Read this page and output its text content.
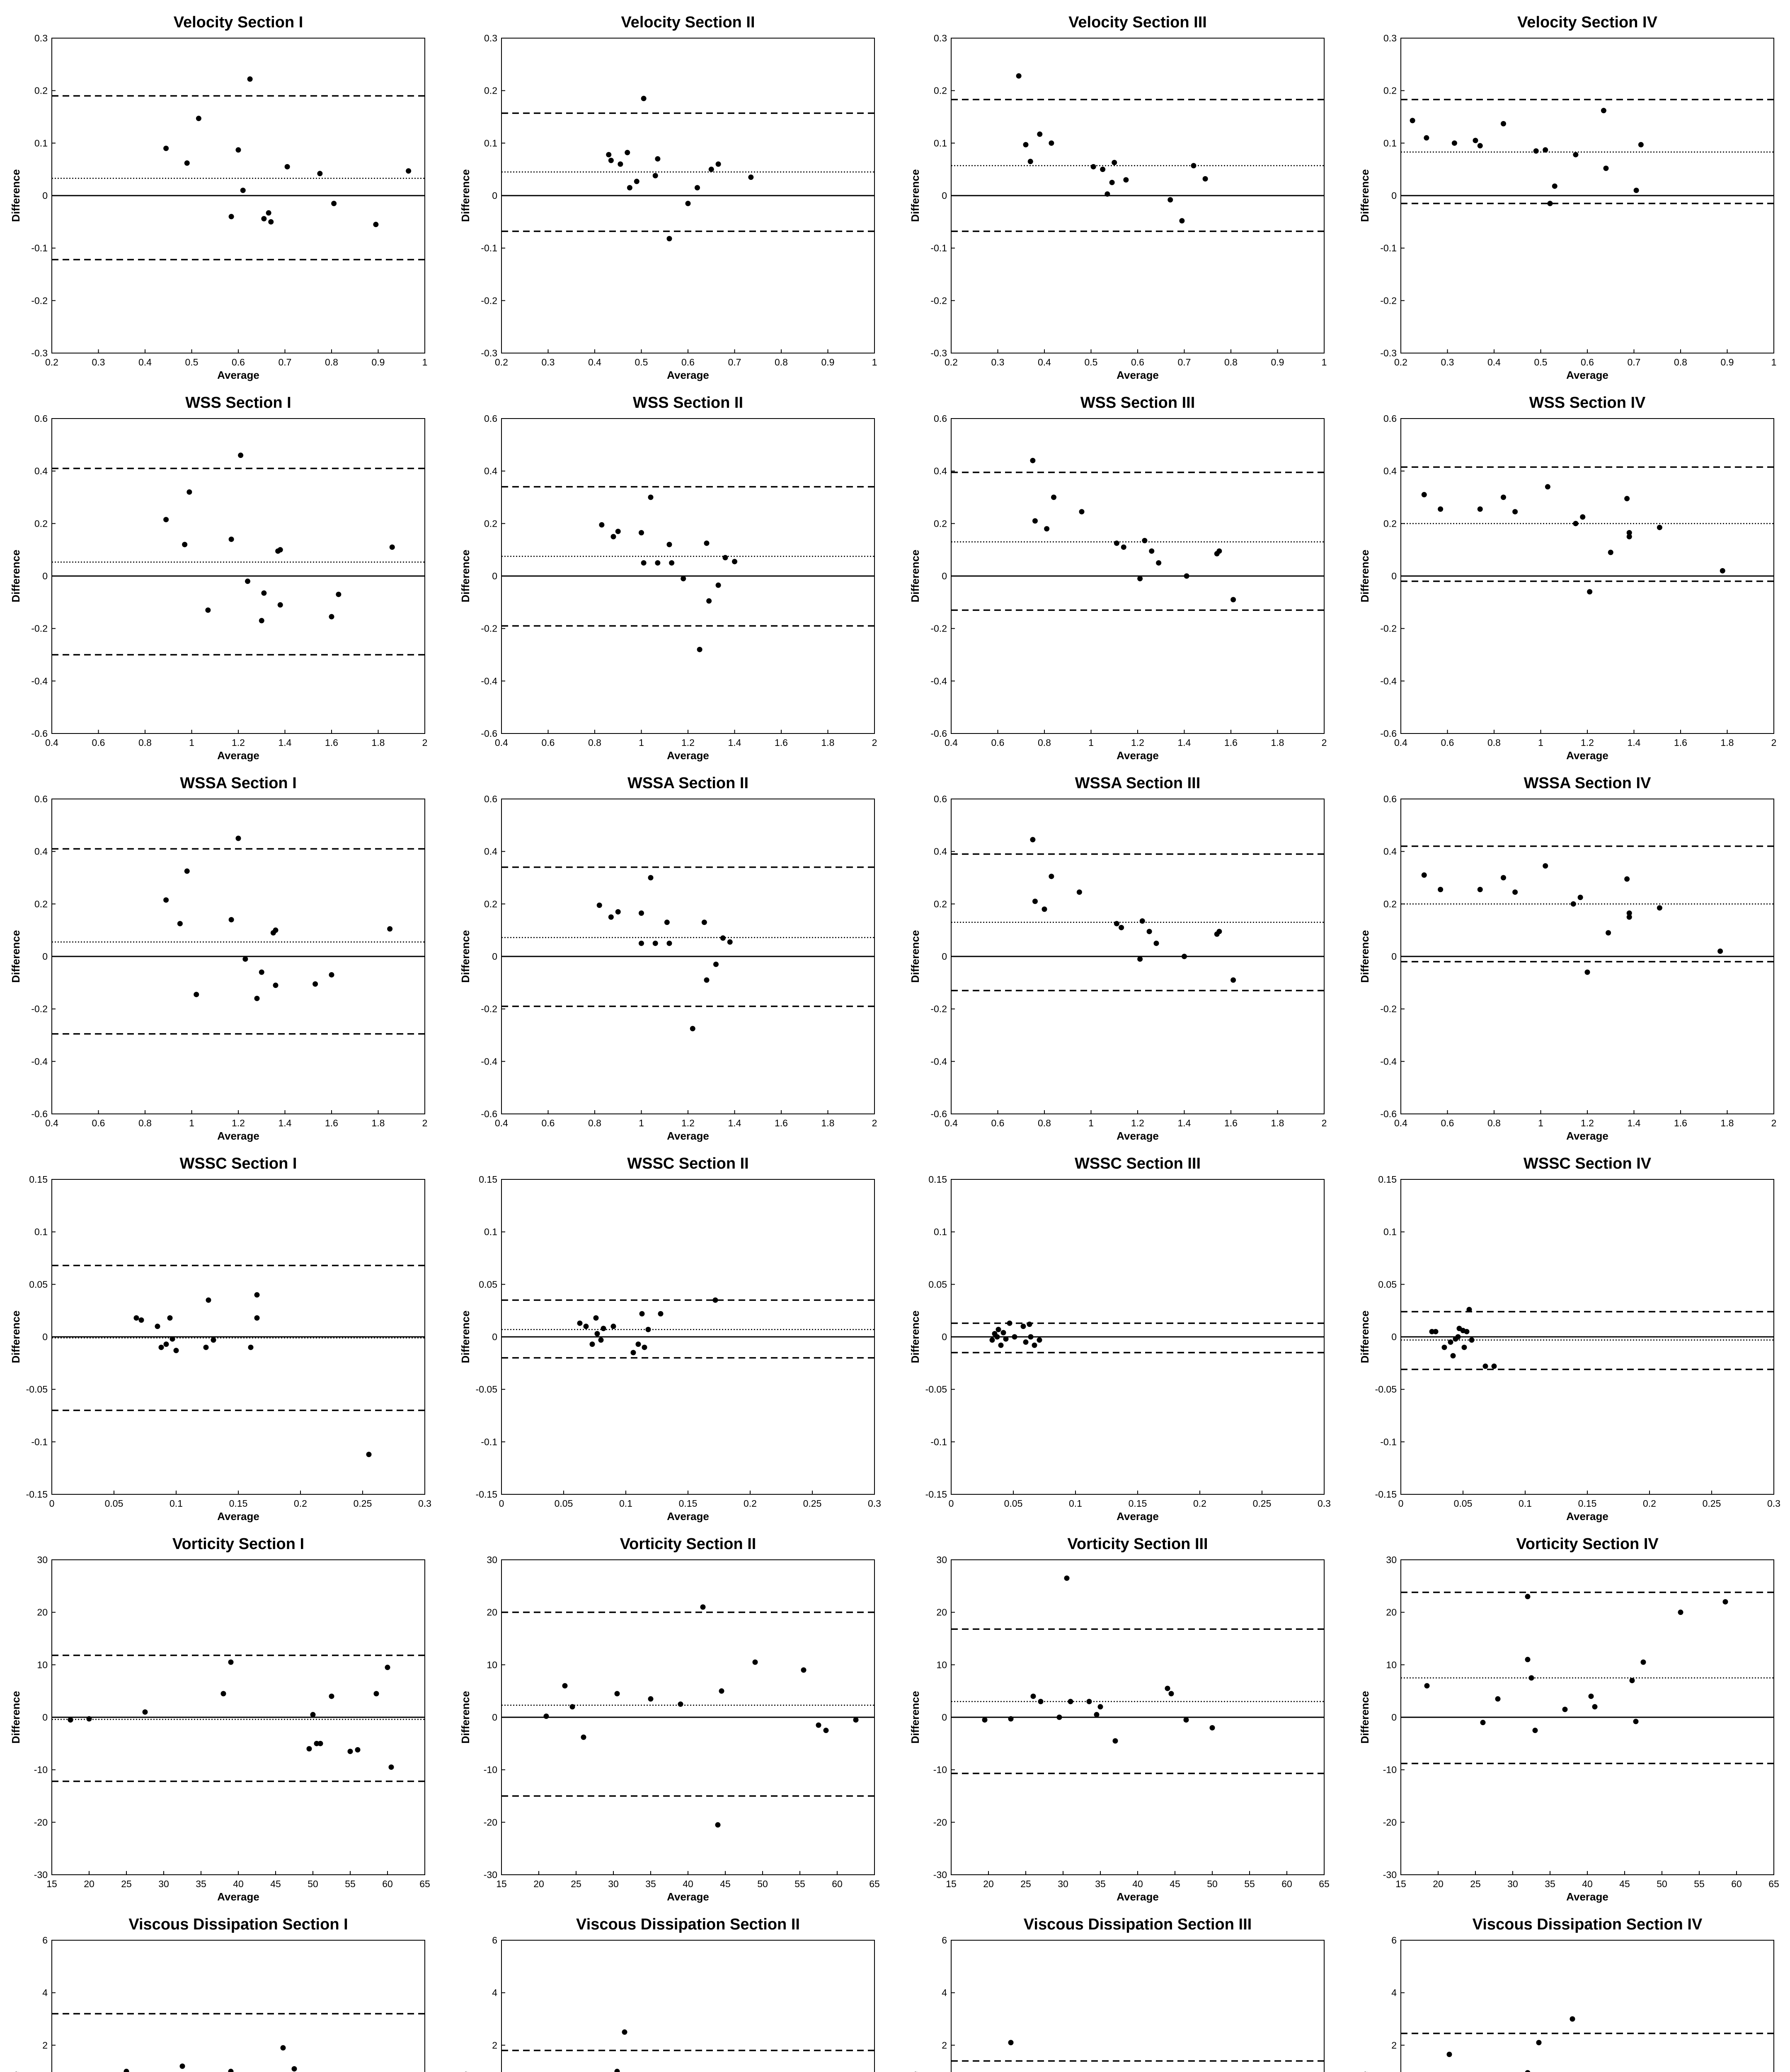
Velocity Section I
0.2	0.3	0.4	0.5	0.6	0.7	0.8	0.9	1
-0.3
-0.2
-0.1
0
0.1
0.2
0.3
Average
Difference
Velocity Section II
0.2	0.3	0.4	0.5	0.6	0.7	0.8	0.9	1
-0.3
-0.2
-0.1
0
0.1
0.2
0.3
Average
Difference
Velocity Section III
0.2	0.3	0.4	0.5	0.6	0.7	0.8	0.9	1
-0.3
-0.2
-0.1
0
0.1
0.2
0.3
Average
Difference
Velocity Section IV
0.2	0.3	0.4	0.5	0.6	0.7	0.8	0.9	1
-0.3
-0.2
-0.1
0
0.1
0.2
0.3
Average
Difference
WSS Section I
0.4	0.6	0.8	1	1.2	1.4	1.6	1.8	2
-0.6
-0.4
-0.2
0
0.2
0.4
0.6
Average
Difference
WSS Section II
0.4	0.6	0.8	1	1.2	1.4	1.6	1.8	2
-0.6
-0.4
-0.2
0
0.2
0.4
0.6
Average
Difference
WSS Section III
0.4	0.6	0.8	1	1.2	1.4	1.6	1.8	2
-0.6
-0.4
-0.2
0
0.2
0.4
0.6
Average
Difference
WSS Section IV
0.4	0.6	0.8	1	1.2	1.4	1.6	1.8	2
-0.6
-0.4
-0.2
0
0.2
0.4
0.6
Average
Difference
WSSA Section I
0.4	0.6	0.8	1	1.2	1.4	1.6	1.8	2
-0.6
-0.4
-0.2
0
0.2
0.4
0.6
Average
Difference
WSSA Section II
0.4	0.6	0.8	1	1.2	1.4	1.6	1.8	2
-0.6
-0.4
-0.2
0
0.2
0.4
0.6
Average
Difference
WSSA Section III
0.4	0.6	0.8	1	1.2	1.4	1.6	1.8	2
-0.6
-0.4
-0.2
0
0.2
0.4
0.6
Average
Difference
WSSA Section IV
0.4	0.6	0.8	1	1.2	1.4	1.6	1.8	2
-0.6
-0.4
-0.2
0
0.2
0.4
0.6
Average
Difference
WSSC Section I
0	0.05	0.1	0.15	0.2	0.25	0.3
-0.15
-0.1
-0.05
0
0.05
0.1
0.15
Average
Difference
WSSC Section II
0	0.05	0.1	0.15	0.2	0.25	0.3
-0.15
-0.1
-0.05
0
0.05
0.1
0.15
Average
Difference
WSSC Section III
0	0.05	0.1	0.15	0.2	0.25	0.3
-0.15
-0.1
-0.05
0
0.05
0.1
0.15
Average
Difference
WSSC Section IV
0	0.05	0.1	0.15	0.2	0.25	0.3
-0.15
-0.1
-0.05
0
0.05
0.1
0.15
Average
Difference
Vorticity Section I
15	20	25	30	35	40	45	50	55	60	65
-30
-20
-10
0
10
20
30
Average
Difference
Vorticity Section II
15	20	25	30	35	40	45	50	55	60	65
-30
-20
-10
0
10
20
30
Average
Difference
Vorticity Section III
15	20	25	30	35	40	45	50	55	60	65
-30
-20
-10
0
10
20
30
Average
Difference
Vorticity Section IV
15	20	25	30	35	40	45	50	55	60	65
-30
-20
-10
0
10
20
30
Average
Difference
Viscous Dissipation Section I
2
4
6
Viscous Dissipation Section II
2
4
6
Viscous Dissipation Section III
2
4
6
Viscous Dissipation Section IV
2
4
6
